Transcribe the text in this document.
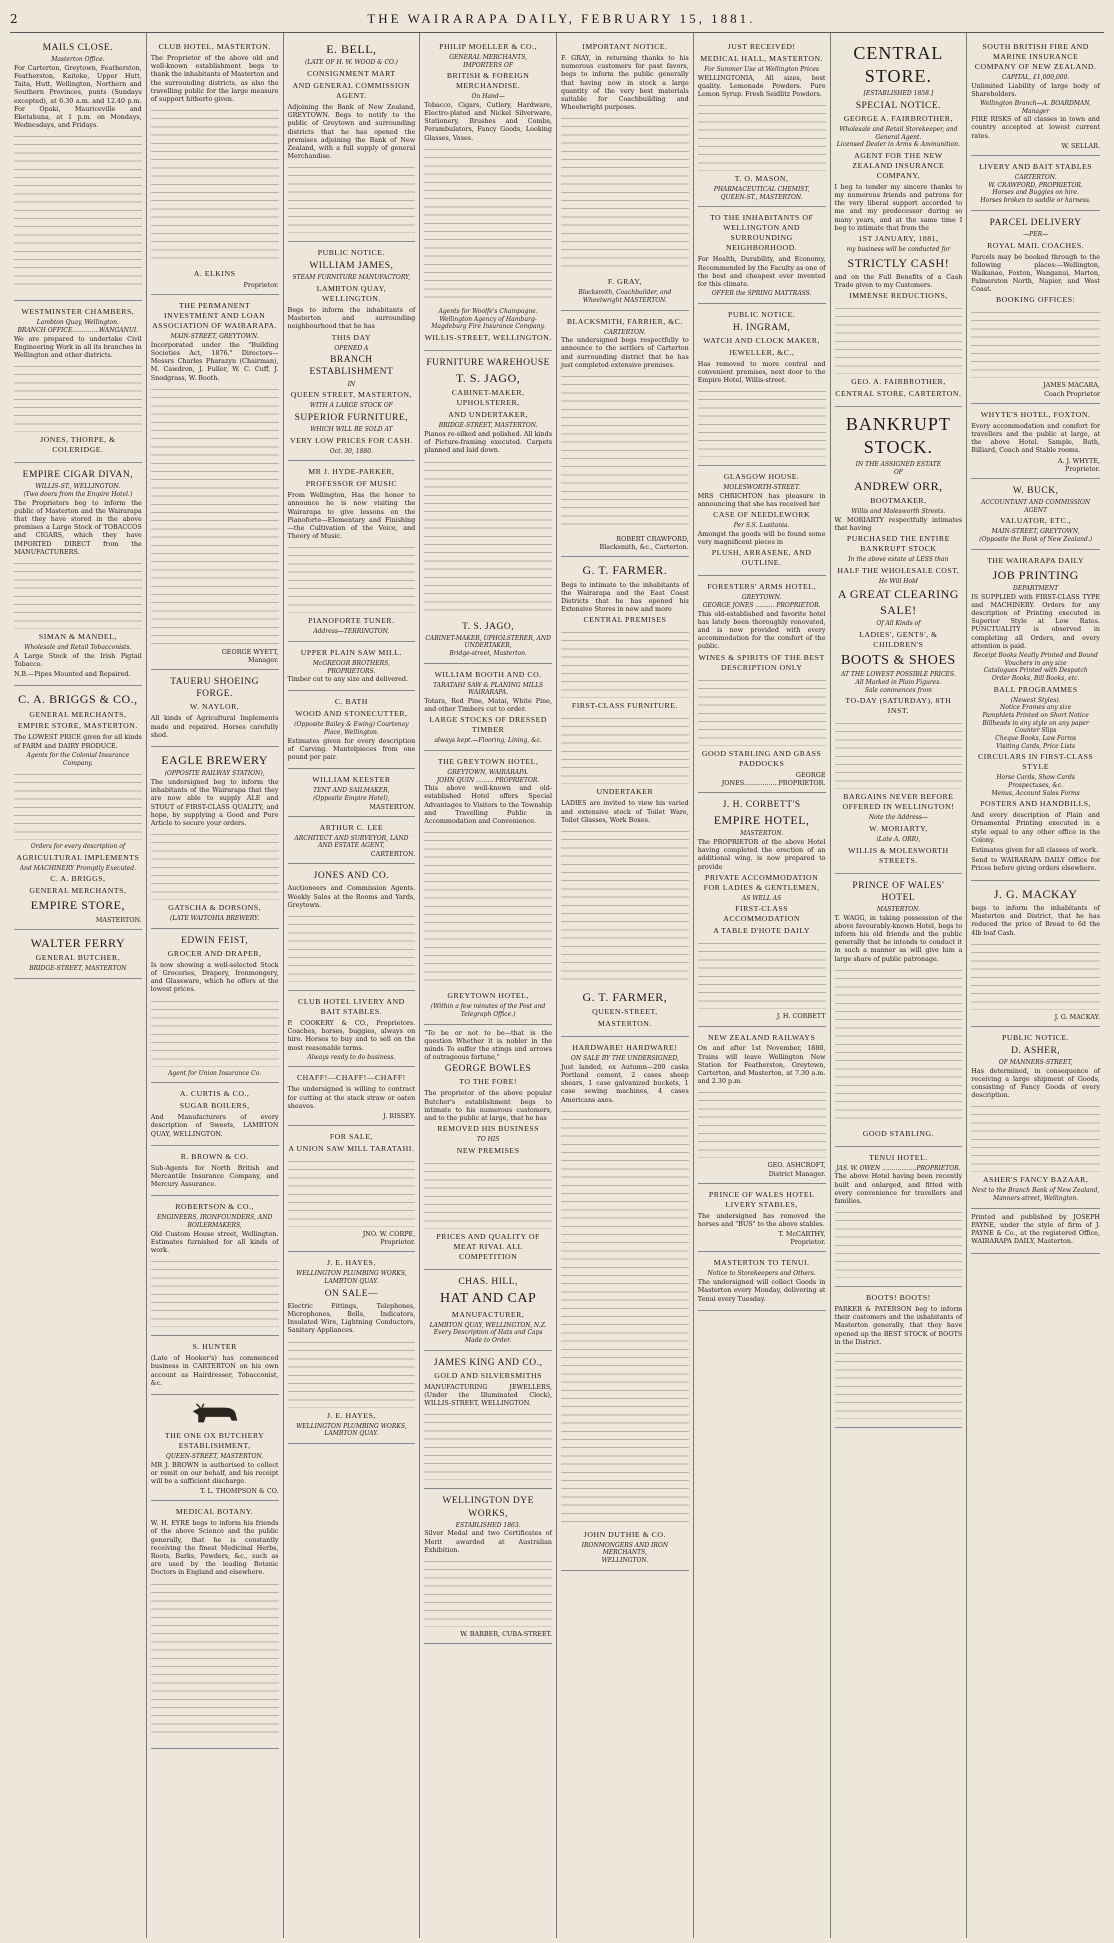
2	THE WAIRARAPA DAILY, FEBRUARY 15, 1881.
MAILS CLOSE.
Masterton Office.

For Carterton, Greytown, Featherston, Featherston, Kaitoke, Upper Hutt, Taita, Hutt, Wellington, Northern and Southern Provinces, punts (Sundays excepted), at 6.30 a.m. and 12.40 p.m. For Opaki, Mauriceville and Eketahuna, at 1 p.m. on Mondays, Wednesdays, and Fridays.

WESTMINSTER CHAMBERS,
Lambton Quay, Wellington.
BRANCH OFFICE..............WANGANUI.

We are prepared to undertake Civil Engineering Work in all its branches in Wellington and other districts.

JONES, THORPE, & COLERIDGE.
EMPIRE CIGAR DIVAN,
WILLIS-ST., WELLINGTON.
(Two doors from the Empire Hotel.)

The Proprietors beg to inform the public of Masterton and the Wairarapa that they have stored in the above premises a Large Stock of TOBACCOS and CIGARS, which they have IMPORTED DIRECT from the MANUFACTURERS.

SIMAN & MANDEL,
Wholesale and Retail Tobacconists.

A Large Stock of the Irish Pigtail Tobacco.

N.B.—Pipes Mounted and Repaired.

C. A. BRIGGS & CO.,
GENERAL MERCHANTS,
EMPIRE STORE, MASTERTON.

The LOWEST PRICE given for all kinds of FARM and DAIRY PRODUCE.

Agents for the Colonial Insurance Company.
Orders for every description of
AGRICULTURAL IMPLEMENTS
And MACHINERY Promptly Executed.
C. A. BRIGGS,
GENERAL MERCHANTS,
EMPIRE STORE,
MASTERTON.
WALTER FERRY
GENERAL BUTCHER,
BRIDGE-STREET, MASTERTON
CLUB HOTEL, MASTERTON.

The Proprietor of the above old and well-known establishment begs to thank the inhabitants of Masterton and the surrounding districts, as also the travelling public for the large measure of support hitherto given.

A. ELKINS
Proprietor.
THE PERMANENT INVESTMENT AND LOAN ASSOCIATION OF WAIRARAPA.
MAIN-STREET, GREYTOWN.

Incorporated under the "Building Societies Act, 1876." Directors—Messrs Charles Pharazyn (Chairman), M. Cawdron, J. Fuller, W. C. Cuff, J. Snodgrass, W. Booth.

GEORGE WYETT,
Manager.
TAUERU SHOEING FORGE.
W. NAYLOR,

All kinds of Agricultural Implements made and repaired. Horses carefully shod.

EAGLE BREWERY
(OPPOSITE RAILWAY STATION),

The undersigned beg to inform the inhabitants of the Wairarapa that they are now able to supply ALE and STOUT of FIRST-CLASS QUALITY, and hope, by supplying a Good and Pure Article to secure your orders.

GATSCHA & DORSONS,
(LATE WAITOHIA BREWERY.
EDWIN FEIST,
GROCER AND DRAPER,

Is now showing a well-selected Stock of Groceries, Drapery, Ironmongery, and Glassware, which he offers at the lowest prices.

Agent for Union Insurance Co.
A. CURTIS & CO.,
SUGAR BOILERS,

And Manufacturers of every description of Sweets, LAMBTON QUAY, WELLINGTON.

R. BROWN & CO.

Sub-Agents for North British and Mercantile Insurance Company, and Mercury Assurance.

ROBERTSON & CO.,
ENGINEERS, IRONFOUNDERS, AND BOILERMAKERS,

Old Custom House street, Wellington. Estimates furnished for all kinds of work.

S. HUNTER

(Late of Hooker's) has commenced business in CARTERTON on his own account as Hairdresser, Tobacconist, &c.

THE ONE OX BUTCHERY ESTABLISHMENT,
QUEEN-STREET, MASTERTON.

MR J. BROWN is authorised to collect or remit on our behalf, and his receipt will be a sufficient discharge.

T. L. THOMPSON & CO.
MEDICAL BOTANY.

W. H. EYRE begs to inform his friends of the above Science and the public generally, that he is constantly receiving the finest Medicinal Herbs, Roots, Barks, Powders, &c., such as are used by the leading Botanic Doctors in England and elsewhere.

E. BELL,
(LATE OF H. W. WOOD & CO.)
CONSIGNMENT MART
AND GENERAL COMMISSION AGENT.

Adjoining the Bank of New Zealand, GREYTOWN. Begs to notify to the public of Greytown and surrounding districts that he has opened the premises adjoining the Bank of New Zealand, with a full supply of general Merchandise.

PUBLIC NOTICE.
WILLIAM JAMES,
STEAM FURNITURE MANUFACTORY,
LAMBTON QUAY, WELLINGTON.

Begs to inform the inhabitants of Masterton and surrounding neighbourhood that he has

THIS DAY
OPENED A
BRANCH ESTABLISHMENT
IN
QUEEN STREET, MASTERTON,
WITH A LARGE STOCK OF
SUPERIOR FURNITURE,
WHICH WILL BE SOLD AT
VERY LOW PRICES FOR CASH.
Oct. 30, 1880.
MR J. HYDE-PARKER,
PROFESSOR OF MUSIC

From Wellington, Has the honor to announce he is now visiting the Wairarapa to give lessons on the Pianoforte—Elementary and Finishing—the Cultivation of the Voice, and Theory of Music.

PIANOFORTE TUNER.
Address—TERRINGTON.
UPPER PLAIN SAW MILL.
McGREGOR BROTHERS,
PROPRIETORS.

Timber cut to any size and delivered.

C. BATH
WOOD AND STONECUTTER,
(Opposite Bailey & Ewing) Courtenay Place, Wellington.

Estimates given for every description of Carving. Mantelpieces from one pound per pair.

WILLIAM KEESTER
TENT AND SAILMAKER,
(Opposite Empire Hotel),
MASTERTON.
ARTHUR C. LEE
ARCHITECT AND SURVEYOR, LAND AND ESTATE AGENT,
CARTERTON.
JONES AND CO.

Auctioneers and Commission Agents. Weekly Sales at the Rooms and Yards, Greytown.

CLUB HOTEL LIVERY AND BAIT STABLES.

P. COOKERY & CO., Proprietors. Coaches, horses, buggies, always on hire. Horses to buy and to sell on the most reasonable terms.

Always ready to do business.
CHAFF!—CHAFF!—CHAFF!

The undersigned is willing to contract for cutting at the stack straw or oaten sheaves.

J. BISSEY.
FOR SALE,
A UNION SAW MILL TARATAHI.
JNO. W. CORPE,
Proprietor.
J. E. HAYES,
WELLINGTON PLUMBING WORKS,
LAMBTON QUAY.
ON SALE—

Electric Fittings, Telephones, Microphones, Bells, Indicators, Insulated Wire, Lightning Conductors, Sanitary Appliances.

J. E. HAYES,
WELLINGTON PLUMBING WORKS,
LAMBTON QUAY.
PHILIP MOELLER & CO.,
GENERAL MERCHANTS,
IMPORTERS OF
BRITISH & FOREIGN MERCHANDISE.
On Hand—

Tobacco, Cigars, Cutlery, Hardware, Electro-plated and Nickel Silverware, Stationery, Brushes and Combs, Perambulators, Fancy Goods, Looking Glasses, Vases.

Agents for Woolfe's Champagne.
Wellington Agency of Hamburg-Magdeburg Fire Insurance Company.
WILLIS-STREET, WELLINGTON.
FURNITURE WAREHOUSE
T. S. JAGO,
CABINET-MAKER, UPHOLSTERER,
AND UNDERTAKER,
BRIDGE-STREET, MASTERTON.

Pianos re-silked and polished. All kinds of Picture-framing executed. Carpets planned and laid down.

T. S. JAGO,
CABINET-MAKER, UPHOLSTERER, AND UNDERTAKER,
Bridge-street, Masterton.
WILLIAM BOOTH AND CO.
TARATAHI SAW & PLANING MILLS
WAIRARAPA.

Totara, Red Pine, Matai, White Pine, and other Timbers cut to order.

LARGE STOCKS OF DRESSED TIMBER
always kept.—Flooring, Lining, &c.
THE GREYTOWN HOTEL,
GREYTOWN, WAIRARAPA.
JOHN QUIN ......... PROPRIETOR.

This above well-known and old-established Hotel offers Special Advantages to Visitors to the Township and Travelling Public in Accommodation and Convenience.

GREYTOWN HOTEL,
(Within a few minutes of the Post and Telegraph Office.)

"To be or not to be—that is the question Whether it is nobler in the minds To suffer the stings and arrows of outrageous fortune,"

GEORGE BOWLES
TO THE FORE!

The proprietor of the above popular Butcher's establishment begs to intimate to his numerous customers, and to the public at large, that he has

REMOVED HIS BUSINESS
TO HIS
NEW PREMISES
PRICES AND QUALITY OF MEAT RIVAL ALL COMPETITION
CHAS. HILL,
HAT AND CAP
MANUFACTURER,
LAMBTON QUAY, WELLINGTON, N.Z.
Every Description of Hats and Caps Made to Order.
JAMES KING AND CO.,
GOLD AND SILVERSMITHS

MANUFACTURING JEWELLERS, (Under the Illuminated Clock), WILLIS-STREET, WELLINGTON.

WELLINGTON DYE WORKS,
ESTABLISHED 1863.

Silver Medal and two Certificates of Merit awarded at Australian Exhibition.

W. BARBER, CUBA-STREET.
IMPORTANT NOTICE.

F. GRAY, in returning thanks to his numerous customers for past favors, begs to inform the public generally that having now in stock a large quantity of the very best materials suitable for Coachbuilding and Wheelwright purposes.

F. GRAY,
Blacksmith, Coachbuilder, and Wheelwright MASTERTON.
BLACKSMITH, FARRIER, &C.
CARTERTON.

The undersigned begs respectfully to announce to the settlers of Carterton and surrounding district that he has just completed extensive premises.

ROBERT CRAWFORD,
Blacksmith, &c., Carterton.
G. T. FARMER.

Begs to intimate to the inhabitants of the Wairarapa and the East Coast Districts that he has opened his Extensive Stores in new and more

CENTRAL PREMISES
FIRST-CLASS FURNITURE.
UNDERTAKER

LADIES are invited to view his varied and extensive stock of Toilet Ware, Toilet Glasses, Work Boxes.

G. T. FARMER,
QUEEN-STREET,
MASTERTON.
HARDWARE! HARDWARE!
ON SALE BY THE UNDERSIGNED,

Just landed, ex Autumn—200 casks Portland cement, 2 cases sheep shears, 1 case galvanized buckets, 1 case sewing machines, 4 cases Americans axes.

JOHN DUTHIE & CO.
IRONMONGERS AND IRON MERCHANTS,
WELLINGTON.
JUST RECEIVED!
MEDICAL HALL, MASTERTON.
For Summer Use at Wellington Prices

WELLINGTONIA, All sizes, best quality. Lemonade Powders. Pure Lemon Syrup. Fresh Seidlitz Powders.

T. O. MASON,
PHARMACEUTICAL CHEMIST,
QUEEN-ST., MASTERTON.
TO THE INHABITANTS OF WELLINGTON AND SURROUNDING NEIGHBORHOOD.

For Health, Durability, and Economy, Recommended by the Faculty as one of the best and cheapest ever invented for this climate.

OFFER the SPRING MATTRASS.
PUBLIC NOTICE.
H. INGRAM,
WATCH AND CLOCK MAKER,
JEWELLER, &C.,

Has removed to more central and convenient premises, next door to the Empire Hotel, Willis-street.

GLASGOW HOUSE.
MOLESWORTH-STREET.

MRS CHRICHTON has pleasure in announcing that she has received her

CASE OF NEEDLEWORK
Per S.S. Lusitania.

Amongst the goods will be found some very magnificent pieces in

PLUSH, ARRASENE, AND OUTLINE.
FORESTERS' ARMS HOTEL,
GREYTOWN.
GEORGE JONES .......... PROPRIETOR.

This old-established and favorite hotel has lately been thoroughly renovated, and is now provided with every accommodation for the comfort of the public.

WINES & SPIRITS OF THE BEST DESCRIPTION ONLY
GOOD STABLING AND GRASS PADDOCKS
GEORGE JONES.................PROPRIETOR.
J. H. CORBETT'S
EMPIRE HOTEL,
MASTERTON.

The PROPRIETOR of the above Hotel having completed the erection of an additional wing, is now prepared to provide

PRIVATE ACCOMMODATION FOR LADIES & GENTLEMEN,
AS WELL AS
FIRST-CLASS ACCOMMODATION
A TABLE D'HOTE DAILY
J. H. CORBETT
NEW ZEALAND RAILWAYS

On and after 1st November, 1880, Trains will leave Wellington New Station for Featherston, Greytown, Carterton, and Masterton, at 7.30 a.m. and 2.30 p.m.

GEO. ASHCROFT,
District Manager.
PRINCE OF WALES HOTEL LIVERY STABLES,

The undersigned has removed the horses and "BUS" to the above stables.

T. McCARTHY,
Proprietor.
MASTERTON TO TENUI.
Notice to Storekeepers and Others.

The undersigned will collect Goods in Masterton every Monday, delivering at Tenui every Tuesday.

CENTRAL STORE.
[ESTABLISHED 1858.]
SPECIAL NOTICE.
GEORGE A. FAIRBROTHER,
Wholesale and Retail Storekeeper, and General Agent.
Licensed Dealer in Arms & Ammunition.
AGENT FOR THE NEW ZEALAND INSURANCE COMPANY,

I beg to tender my sincere thanks to my numerous friends and patrons for the very liberal support accorded to me and my predecessor during so many years, and at the same time I beg to intimate that from the

1ST JANUARY, 1881,
my business will be conducted for
STRICTLY CASH!

and on the Full Benefits of a Cash Trade given to my Customers.

IMMENSE REDUCTIONS,
GEO. A. FAIRBROTHER,
CENTRAL STORE, CARTERTON.
BANKRUPT STOCK.
IN THE ASSIGNED ESTATE
OF
ANDREW ORR,
BOOTMAKER,
Willis and Molesworth Streets.

W. MORIARTY respectfully intimates that having

PURCHASED THE ENTIRE BANKRUPT STOCK
In the above estate at LESS than
HALF THE WHOLESALE COST,
He Will Hold
A GREAT CLEARING SALE!
Of All Kinds of
LADIES', GENTS', & CHILDREN'S
BOOTS & SHOES
AT THE LOWEST POSSIBLE PRICES.
All Marked in Plain Figures.
Sale commences from
TO-DAY (SATURDAY), 8TH INST.
BARGAINS NEVER BEFORE OFFERED IN WELLINGTON!
Note the Address—
W. MORIARTY,
(Late A. ORR),
WILLIS & MOLESWORTH STREETS.
PRINCE OF WALES' HOTEL
MASTERTON.

T. WAGG, in taking possession of the above favourably-known Hotel, begs to inform his old friends and the public generally that he intends to conduct it in such a manner as will give him a large share of public patronage.

GOOD STABLING.
TENUI HOTEL.
JAS. W. OWEN ..................PROPRIETOR.

The above Hotel having been recently built and enlarged, and fitted with every convenience for travellers and families.

BOOTS! BOOTS!

PARKER & PATERSON beg to inform their customers and the inhabitants of Masterton generally, that they have opened up the BEST STOCK of BOOTS in the District.

SOUTH BRITISH FIRE AND MARINE INSURANCE COMPANY OF NEW ZEALAND.
CAPITAL, £1,000,000.

Unlimited Liability of large body of Shareholders.

Wellington Branch—A. BOARDMAN, Manager

FIRE RISKS of all classes in town and country accepted at lowest current rates.

W. SELLAR.
LIVERY AND BAIT STABLES
CARTERTON.
W. CRAWFORD, PROPRIETOR.
Horses and Buggies on hire.
Horses broken to saddle or harness.
PARCEL DELIVERY
—PER—
ROYAL MAIL COACHES.

Parcels may be booked through to the following places:—Wellington, Waikanae, Foxton, Wanganui, Marton, Palmerston North, Napier, and West Coast.

BOOKING OFFICES:
JAMES MACARA,
Coach Proprietor
WHYTE'S HOTEL, FOXTON.

Every accommodation and comfort for travellers and the public at large, at the above Hotel. Sample, Bath, Billiard, Coach and Stable rooms.

A. J. WHYTE,
Proprietor.
W. BUCK,
ACCOUNTANT AND COMMISSION AGENT
VALUATOR, ETC.,
MAIN-STREET, GREYTOWN,
(Opposite the Bank of New Zealand.)
THE WAIRARAPA DAILY
JOB PRINTING
DEPARTMENT

IS SUPPLIED with FIRST-CLASS TYPE and MACHINERY. Orders for any description of Printing executed in Superior Style at Low Rates. PUNCTUALITY is observed in completing all Orders, and every attention is paid.

Receipt Books Neatly Printed and Bound
Vouchers in any size
Catalogues Printed with Despatch
Order Books, Bill Books, etc.
BALL PROGRAMMES
(Newest Styles).
Notice Frames any size
Pamphlets Printed on Short Notice
Billheads in any style on any paper
Counter Slips
Cheque Books, Law Forms
Visiting Cards, Price Lists
CIRCULARS IN FIRST-CLASS STYLE
Horse Cards, Show Cards
Prospectuses, &c.
Menus, Account Sales Forms
POSTERS AND HANDBILLS,

And every description of Plain and Ornamental Printing executed in a style equal to any other office in the Colony.

Estimates given for all classes of work.

Send to WAIRARAPA DAILY Office for Prices before giving orders elsewhere.

J. G. MACKAY

begs to inform the inhabitants of Masterton and District, that he has reduced the price of Bread to 6d the 4lb loaf Cash.

J. G. MACKAY.
PUBLIC NOTICE.
D. ASHER,
OF MANNERS-STREET,

Has determined, in consequence of receiving a large shipment of Goods, consisting of Fancy Goods of every description.

ASHER'S FANCY BAZAAR,
Next to the Branch Bank of New Zealand, Manners-street, Wellington.

Printed and published by JOSEPH PAYNE, under the style of firm of J. PAYNE & Co., at the registered Office, WAIRARAPA DAILY, Masterton.
